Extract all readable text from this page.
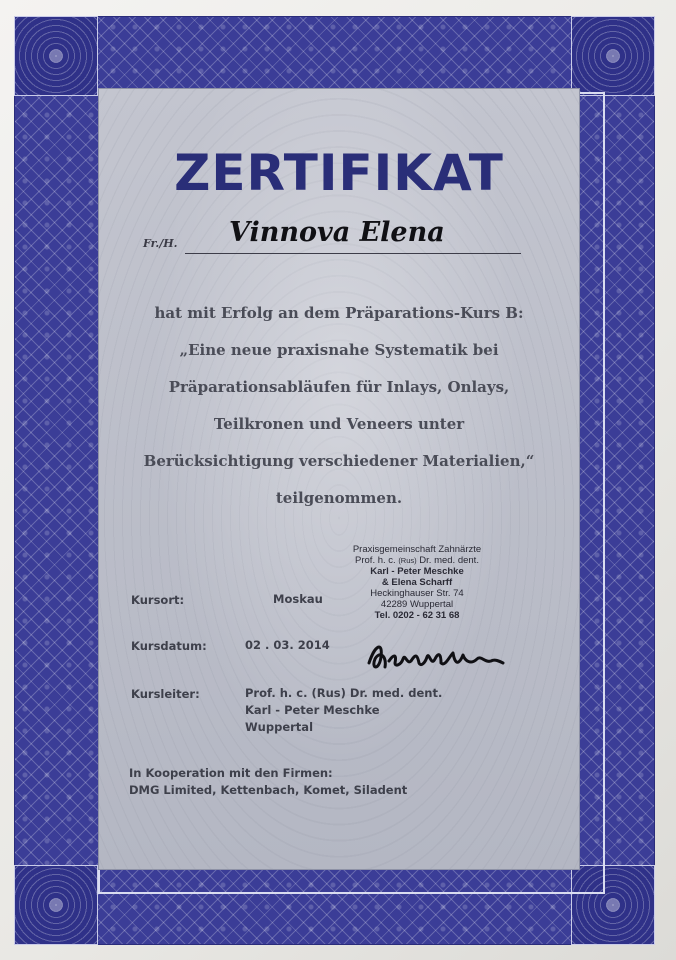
ZERTIFIKAT
Fr./H. Vinnova Elena
hat mit Erfolg an dem Präparations-Kurs B:
„Eine neue praxisnahe Systematik bei
Präparationsabläufen für Inlays, Onlays,
Teilkronen und Veneers unter
Berücksichtigung verschiedener Materialien,“
teilgenommen.
Praxisgemeinschaft Zahnärzte
Prof. h. c. (Rus) Dr. med. dent.
Karl - Peter Meschke
& Elena Scharff
Heckinghauser Str. 74
42289 Wuppertal
Tel. 0202 - 62 31 68
Kursort:	Moskau
Kursdatum:	02 . 03. 2014
Kursleiter:	Prof. h. c. (Rus) Dr. med. dent.
Karl - Peter Meschke
Wuppertal
In Kooperation mit den Firmen:
DMG Limited, Kettenbach, Komet, Siladent
